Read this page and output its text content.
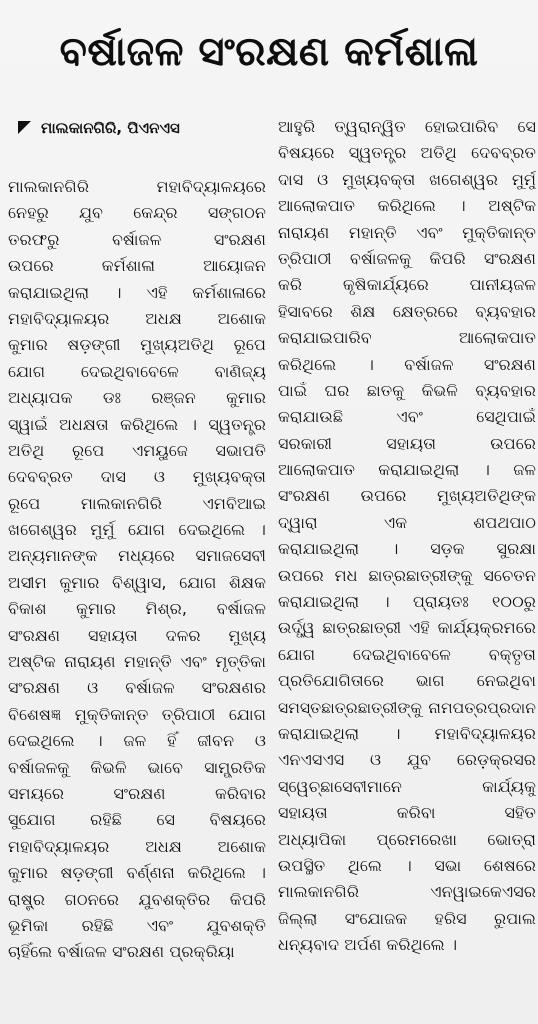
ବର୍ଷାଜଳ ସଂରକ୍ଷଣ କର୍ମଶାଳା
ମାଲକାନଗିରି, ପିଏନଏସ
ମାଲକାନଗିରି ମହାବିଦ୍ୟାଳୟରେ
ନେହରୁ ଯୁବ କେନ୍ଦ୍ର ସଙ୍ଗଠନ
ତରଫରୁ ବର୍ଷାଜଳ ସଂରକ୍ଷଣ
ଉପରେ କର୍ମଶାଳା ଆୟୋଜନ
କରାଯାଇଥିଲା । ଏହି କର୍ମଶାଳାରେ
ମହାବିଦ୍ୟାଳୟର ଅଧକ୍ଷ ଅଶୋକ
କୁମାର ଷଡ଼ଙ୍ଗୀ ମୁଖ୍ୟଅତିଥି ରୂପେ
ଯୋଗ ଦେଇଥିବାବେଳେ ବାଣିଜ୍ୟ
ଅଧ୍ୟାପକ ଡଃ ରଞ୍ଜନ କୁମାର
ସ୍ୱାଇଁ ଅଧକ୍ଷତା କରିଥିଲେ । ସ୍ୱତନ୍ତ୍ର
ଅତିଥି ରୂପେ ଏମୟୁଜେ ସଭାପତି
ଦେବବ୍ରତ ଦାସ ଓ ମୁଖ୍ୟବକ୍ତା
ରୂପେ ମାଲକାନଗିରି ଏମବିଆଇ
ଖଗେଶ୍ୱର ମୁର୍ମୁ ଯୋଗ ଦେଇଥିଲେ ।
ଅନ୍ୟମାନଙ୍କ ମଧ୍ୟରେ ସମାଜସେବୀ
ଅସୀମ କୁମାର ବିଶ୍ୱାସ, ଯୋଗ ଶିକ୍ଷକ
ବିକାଶ କୁମାର ମିଶ୍ର, ବର୍ଷାଜଳ
ସଂରକ୍ଷଣ ସହାୟତା ଦଳର ମୁଖ୍ୟ
ଅଷ୍ଟିକ ନାରାୟଣ ମହାନ୍ତି ଏବଂ ମୃତ୍ତିକା
ସଂରକ୍ଷଣ ଓ ବର୍ଷାଜଳ ସଂରକ୍ଷଣର
ବିଶେଷଜ୍ଞ ମୁକ୍ତିକାନ୍ତ ତ୍ରିପାଠୀ ଯୋଗ
ଦେଇଥିଲେ । ଜଳ ହିଁ ଜୀବନ ଓ
ବର୍ଷାଜଳକୁ କିଭଳି ଭାବେ ସାମ୍ପ୍ରତିକ
ସମୟରେ ସଂରକ୍ଷଣ କରିବାର
ସୁଯୋଗ ରହିଛି ସେ ବିଷୟରେ
ମହାବିଦ୍ୟାଳୟର ଅଧକ୍ଷ ଅଶୋକ
କୁମାର ଷଡ଼ଙ୍ଗୀ ବର୍ଣ୍ଣନା କରିଥିଲେ ।
ରାଷ୍ଟ୍ର ଗଠନରେ ଯୁବଶକ୍ତିର କିପରି
ଭୂମିକା ରହିଛି ଏବଂ ଯୁବଶକ୍ତି
ଚାହିଁଲେ ବର୍ଷାଜଳ ସଂରକ୍ଷଣ ପ୍ରକ୍ରିୟା
ଆହୁରି ତ୍ୱରାନ୍ୱିତ ହୋଇପାରିବ ସେ
ବିଷୟରେ ସ୍ୱତନ୍ତ୍ର ଅତିଥି ଦେବବ୍ରତ
ଦାସ ଓ ମୁଖ୍ୟବକ୍ତା ଖଗେଶ୍ୱର ମୁର୍ମୁ
ଆଲୋକପାତ କରିଥିଲେ । ଅଷ୍ଟିକ
ନାରାୟଣ ମହାନ୍ତି ଏବଂ ମୁକ୍ତିକାନ୍ତ
ତ୍ରିପାଠୀ ବର୍ଷାଜଳକୁ କିପରି ସଂରକ୍ଷଣ
କରି କୃଷିକାର୍ଯ୍ୟରେ ପାନୀୟଜଳ
ହିସାବରେ ଶିକ୍ଷ କ୍ଷେତ୍ରରେ ବ୍ୟବହାର
କରାଯାଇପାରିବ ଆଲୋକପାତ
କରିଥିଲେ । ବର୍ଷାଜଳ ସଂରକ୍ଷଣ
ପାଇଁ ଘର ଛାତକୁ କିଭଳି ବ୍ୟବହାର
କରାଯାଉଛି ଏବଂ ସେଥିପାଇଁ
ସରକାରୀ ସହାୟତା ଉପରେ
ଆଲୋକପାତ କରାଯାଇଥିଲା । ଜଳ
ସଂରକ୍ଷଣ ଉପରେ ମୁଖ୍ୟଅତିଥିଙ୍କ
ଦ୍ୱାରା ଏକ ଶପଥପାଠ
କରାଯାଇଥିଲା । ସଡ଼କ ସୁରକ୍ଷା
ଉପରେ ମଧ ଛାତ୍ରଛାତ୍ରୀଙ୍କୁ ସଚେତନ
କରାଯାଇଥିଲା । ପ୍ରାୟତଃ ୧୦୦ରୁ
ଉର୍ଦ୍ଧ୍ୱ ଛାତ୍ରଛାତ୍ରୀ ଏହି କାର୍ଯ୍ୟକ୍ରମରେ
ଯୋଗ ଦେଇଥିବାବେଳେ ବକ୍ତୃତା
ପ୍ରତିଯୋଗିତାରେ ଭାଗ ନେଇଥିବା
ସମସ୍ତଛାତ୍ରଛାତ୍ରୀଙ୍କୁ ନାମପତ୍ରପ୍ରଦାନ
କରାଯାଇଥିଲା । ମହାବିଦ୍ୟାଳୟର
ଏନଏସଏସ ଓ ଯୁବ ରେଡ଼କ୍ରସର
ସ୍ୱେଚ୍ଛାସେବୀମାନେ କାର୍ଯ୍ୟକୁ
ସହାୟତା କରିବା ସହିତ
ଅଧ୍ୟାପିକା ପ୍ରେମରେଖା ଭୋତ୍ରା
ଉପସ୍ଥିତ ଥିଲେ । ସଭା ଶେଷରେ
ମାଲକାନଗିରି ଏନୱାଇକେଏସର
ଜିଲ୍ଲା ସଂଯୋଜକ ହରିସ ରୁପାଲ
ଧନ୍ୟବାଦ ଅର୍ପଣ କରିଥିଲେ ।
